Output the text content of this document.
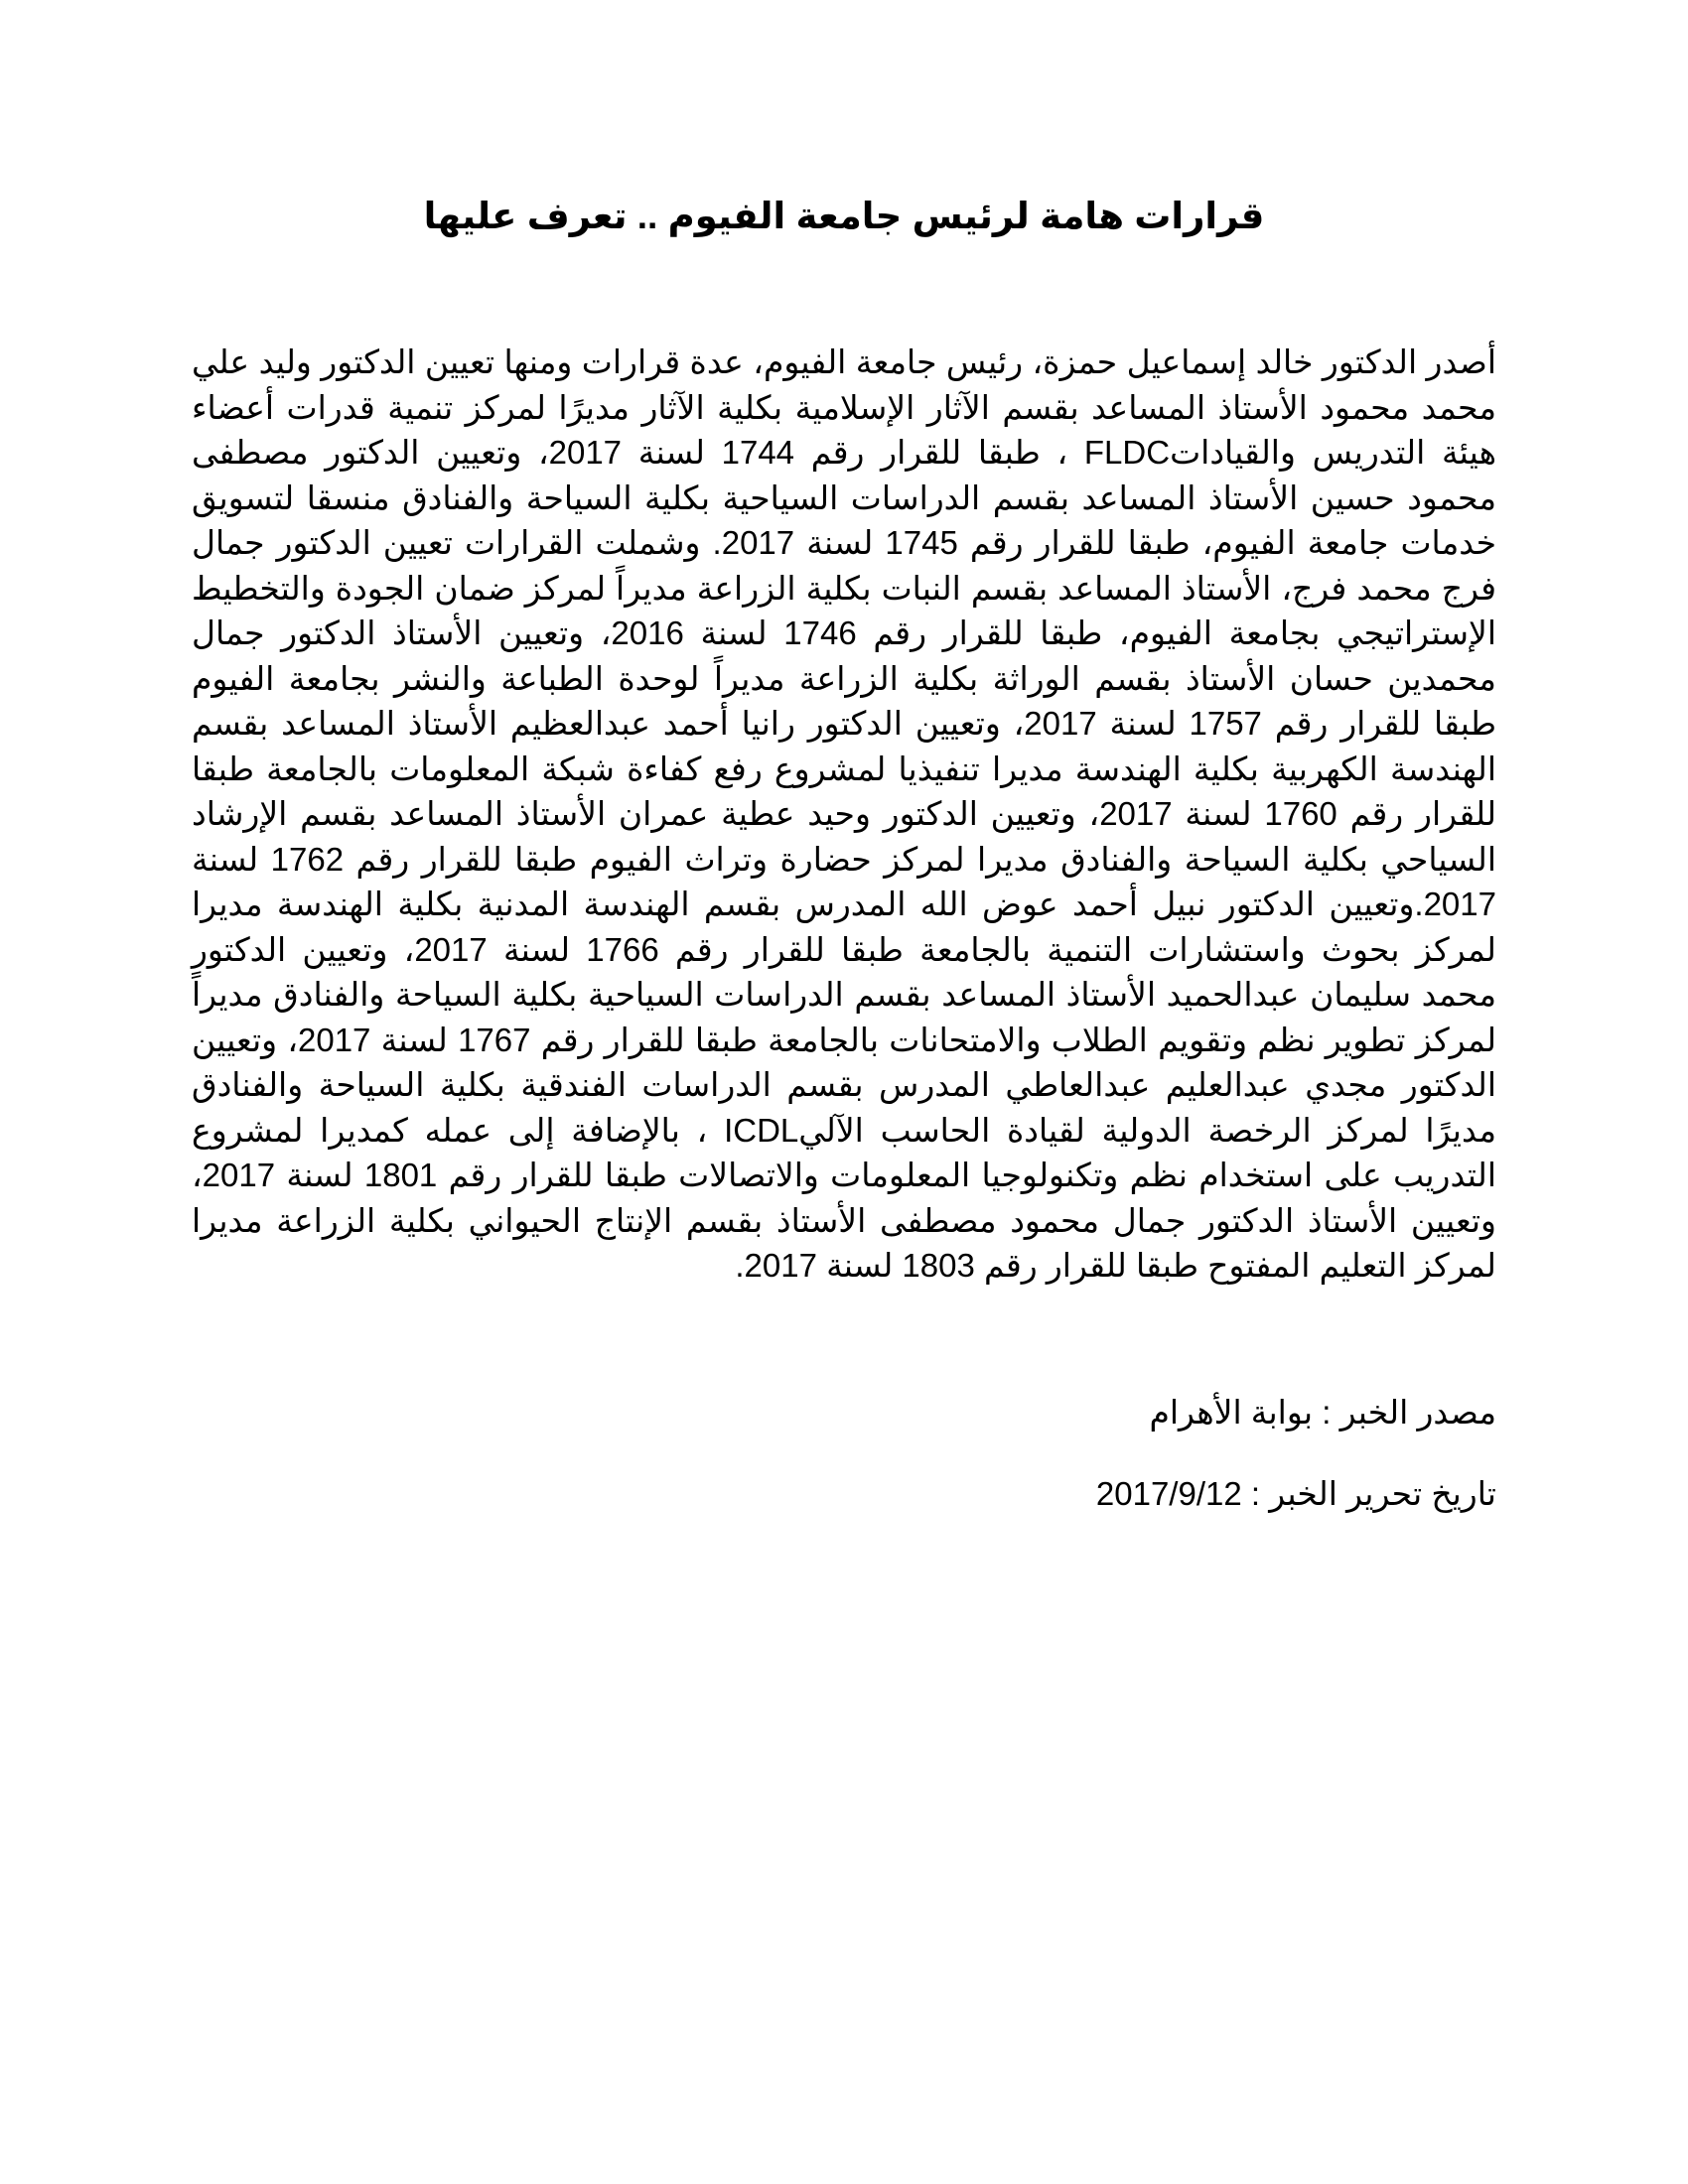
قرارات هامة لرئيس جامعة الفيوم .. تعرف عليها

أصدر الدكتور خالد إسماعيل حمزة، رئيس جامعة الفيوم، عدة قرارات ومنها تعيين الدكتور وليد علي محمد محمود الأستاذ المساعد بقسم الآثار الإسلامية بكلية الآثار مديرًا لمركز تنمية قدرات أعضاء هيئة التدريس والقياداتFLDC ، طبقا للقرار رقم 1744 لسنة 2017، وتعيين الدكتور مصطفى محمود حسين الأستاذ المساعد بقسم الدراسات السياحية بكلية السياحة والفنادق منسقا لتسويق خدمات جامعة الفيوم، طبقا للقرار رقم 1745 لسنة 2017. وشملت القرارات تعيين الدكتور جمال فرج محمد فرج، الأستاذ المساعد بقسم النبات بكلية الزراعة مديراً لمركز ضمان الجودة والتخطيط الإستراتيجي بجامعة الفيوم، طبقا للقرار رقم 1746 لسنة 2016، وتعيين الأستاذ الدكتور جمال محمدين حسان الأستاذ بقسم الوراثة بكلية الزراعة مديراً لوحدة الطباعة والنشر بجامعة الفيوم طبقا للقرار رقم 1757 لسنة 2017، وتعيين الدكتور رانيا أحمد عبدالعظيم الأستاذ المساعد بقسم الهندسة الكهربية بكلية الهندسة مديرا تنفيذيا لمشروع رفع كفاءة شبكة المعلومات بالجامعة طبقا للقرار رقم 1760 لسنة 2017، وتعيين الدكتور وحيد عطية عمران الأستاذ المساعد بقسم الإرشاد السياحي بكلية السياحة والفنادق مديرا لمركز حضارة وتراث الفيوم طبقا للقرار رقم 1762 لسنة 2017.وتعيين الدكتور نبيل أحمد عوض الله المدرس بقسم الهندسة المدنية بكلية الهندسة مديرا لمركز بحوث واستشارات التنمية بالجامعة طبقا للقرار رقم 1766 لسنة 2017، وتعيين الدكتور محمد سليمان عبدالحميد الأستاذ المساعد بقسم الدراسات السياحية بكلية السياحة والفنادق مديراً لمركز تطوير نظم وتقويم الطلاب والامتحانات بالجامعة طبقا للقرار رقم 1767 لسنة 2017، وتعيين الدكتور مجدي عبدالعليم عبدالعاطي المدرس بقسم الدراسات الفندقية بكلية السياحة والفنادق مديرًا لمركز الرخصة الدولية لقيادة الحاسب الآليICDL ، بالإضافة إلى عمله كمديرا لمشروع التدريب على استخدام نظم وتكنولوجيا المعلومات والاتصالات طبقا للقرار رقم 1801 لسنة 2017، وتعيين الأستاذ الدكتور جمال محمود مصطفى الأستاذ بقسم الإنتاج الحيواني بكلية الزراعة مديرا لمركز التعليم المفتوح طبقا للقرار رقم 1803 لسنة 2017.

مصدر الخبر : بوابة الأهرام

تاريخ تحرير الخبر : 2017/9/12
